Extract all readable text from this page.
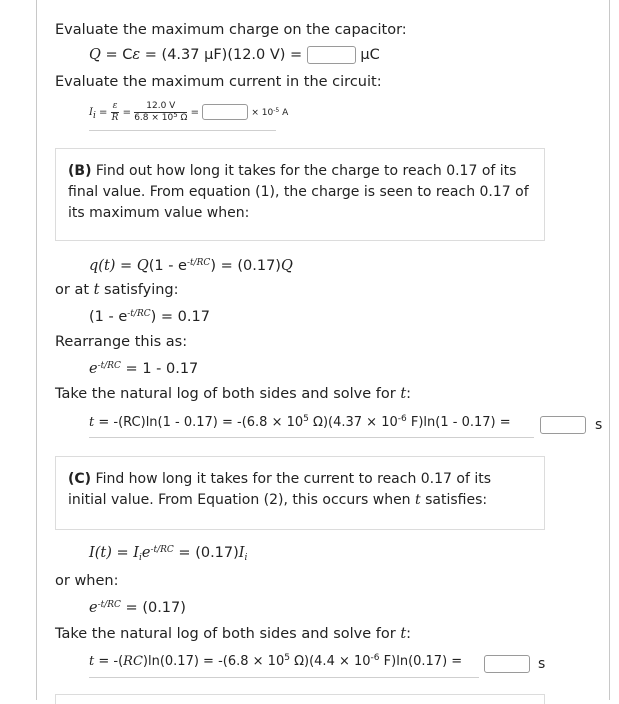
Evaluate the maximum charge on the capacitor:
Q = Cε = (4.37 μF)(12.0 V) =	μC
Evaluate the maximum current in the circuit:
$I_i = \frac{\varepsilon}{R} = \frac{12.0 V}{6.8 \times 10^5 \Omega}$ =	× $10^{-5}$ A
(B) Find out how long it takes for the charge to reach 0.17 of its final value. From equation (1), the charge is seen to reach 0.17 of its maximum value when:
$q(t) = Q(1 - e^{-t/RC}) = (0.17)Q$
or at t satisfying:
$(1 - e^{-t/RC}) = 0.17$
Rearrange this as:
$e^{-t/RC} = 1 - 0.17$
Take the natural log of both sides and solve for t:
$t = -(RC)\ln(1 - 0.17) = -(6.8 \times 10^5$ $\Omega)(4.37 \times 10^{-6}$ F)ln(1 - 0.17) =	s
(C) Find how long it takes for the current to reach 0.17 of its initial value. From Equation (2), this occurs when t satisfies:
$I(t) = I_ie^{-t/RC} = (0.17)I_i$
or when:
$e^{-t/RC} = (0.17)$
Take the natural log of both sides and solve for t:
$t = -(RC)\ln(0.17) = -(6.8 \times 10^5$ $\Omega)(4.4 \times 10^{-6}$ F)ln(0.17) =	s
